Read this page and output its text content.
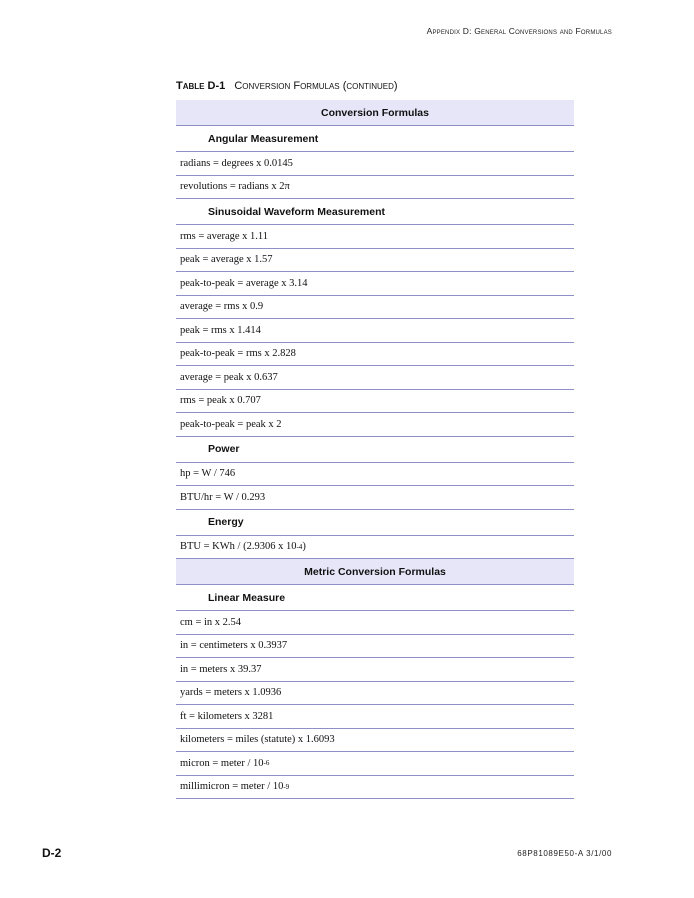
Appendix D: General Conversions and Formulas
Table D-1 Conversion Formulas (continued)
Conversion Formulas
Angular Measurement
radians = degrees x 0.0145
revolutions = radians x 2π
Sinusoidal Waveform Measurement
rms = average x 1.11
peak = average x 1.57
peak-to-peak = average x 3.14
average = rms x 0.9
peak = rms x 1.414
peak-to-peak = rms x 2.828
average = peak x 0.637
rms = peak x 0.707
peak-to-peak = peak x 2
Power
hp = W / 746
BTU/hr = W / 0.293
Energy
BTU = KWh / (2.9306 x 10 -4 )
Metric Conversion Formulas
Linear Measure
cm = in x 2.54
in = centimeters x 0.3937
in = meters x 39.37
yards = meters x 1.0936
ft = kilometers x 3281
kilometers = miles (statute) x 1.6093
micron = meter / 10 -6
millimicron = meter / 10 -9
D-2	68P81089E50-A 3/1/00
